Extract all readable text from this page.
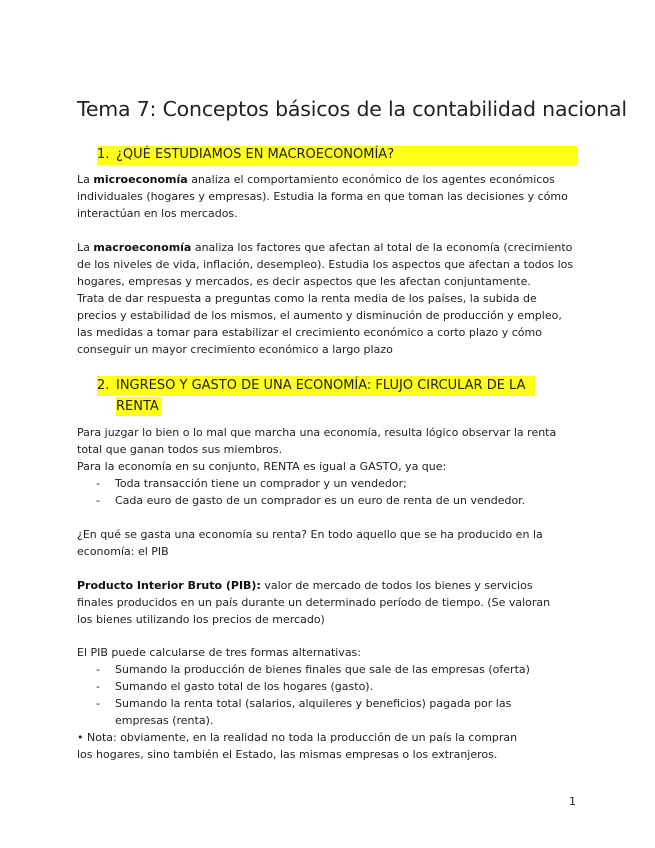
Tema 7: Conceptos básicos de la contabilidad nacional
1. ¿QUÉ ESTUDIAMOS EN MACROECONOMÍA?
La microeconomía analiza el comportamiento económico de los agentes económicos
individuales (hogares y empresas). Estudia la forma en que toman las decisiones y cómo
interactúan en los mercados.
La macroeconomía analiza los factores que afectan al total de la economía (crecimiento
de los niveles de vida, inflación, desempleo). Estudia los aspectos que afectan a todos los
hogares, empresas y mercados, es decir aspectos que les afectan conjuntamente.
Trata de dar respuesta a preguntas como la renta media de los países, la subida de
precios y estabilidad de los mismos, el aumento y disminución de producción y empleo,
las medidas a tomar para estabilizar el crecimiento económico a corto plazo y cómo
conseguir un mayor crecimiento económico a largo plazo
2. INGRESO Y GASTO DE UNA ECONOMÍA: FLUJO CIRCULAR DE LA
RENTA
Para juzgar lo bien o lo mal que marcha una economía, resulta lógico observar la renta
total que ganan todos sus miembros.
Para la economía en su conjunto, RENTA es igual a GASTO, ya que:
- Toda transacción tiene un comprador y un vendedor;
- Cada euro de gasto de un comprador es un euro de renta de un vendedor.
¿En qué se gasta una economía su renta? En todo aquello que se ha producido en la
economía: el PIB
Producto Interior Bruto (PIB): valor de mercado de todos los bienes y servicios
finales producidos en un país durante un determinado período de tiempo. (Se valoran
los bienes utilizando los precios de mercado)
El PIB puede calcularse de tres formas alternativas:
- Sumando la producción de bienes finales que sale de las empresas (oferta)
- Sumando el gasto total de los hogares (gasto).
- Sumando la renta total (salarios, alquileres y beneficios) pagada por las
empresas (renta).
• Nota: obviamente, en la realidad no toda la producción de un país la compran
los hogares, sino también el Estado, las mismas empresas o los extranjeros.
1
